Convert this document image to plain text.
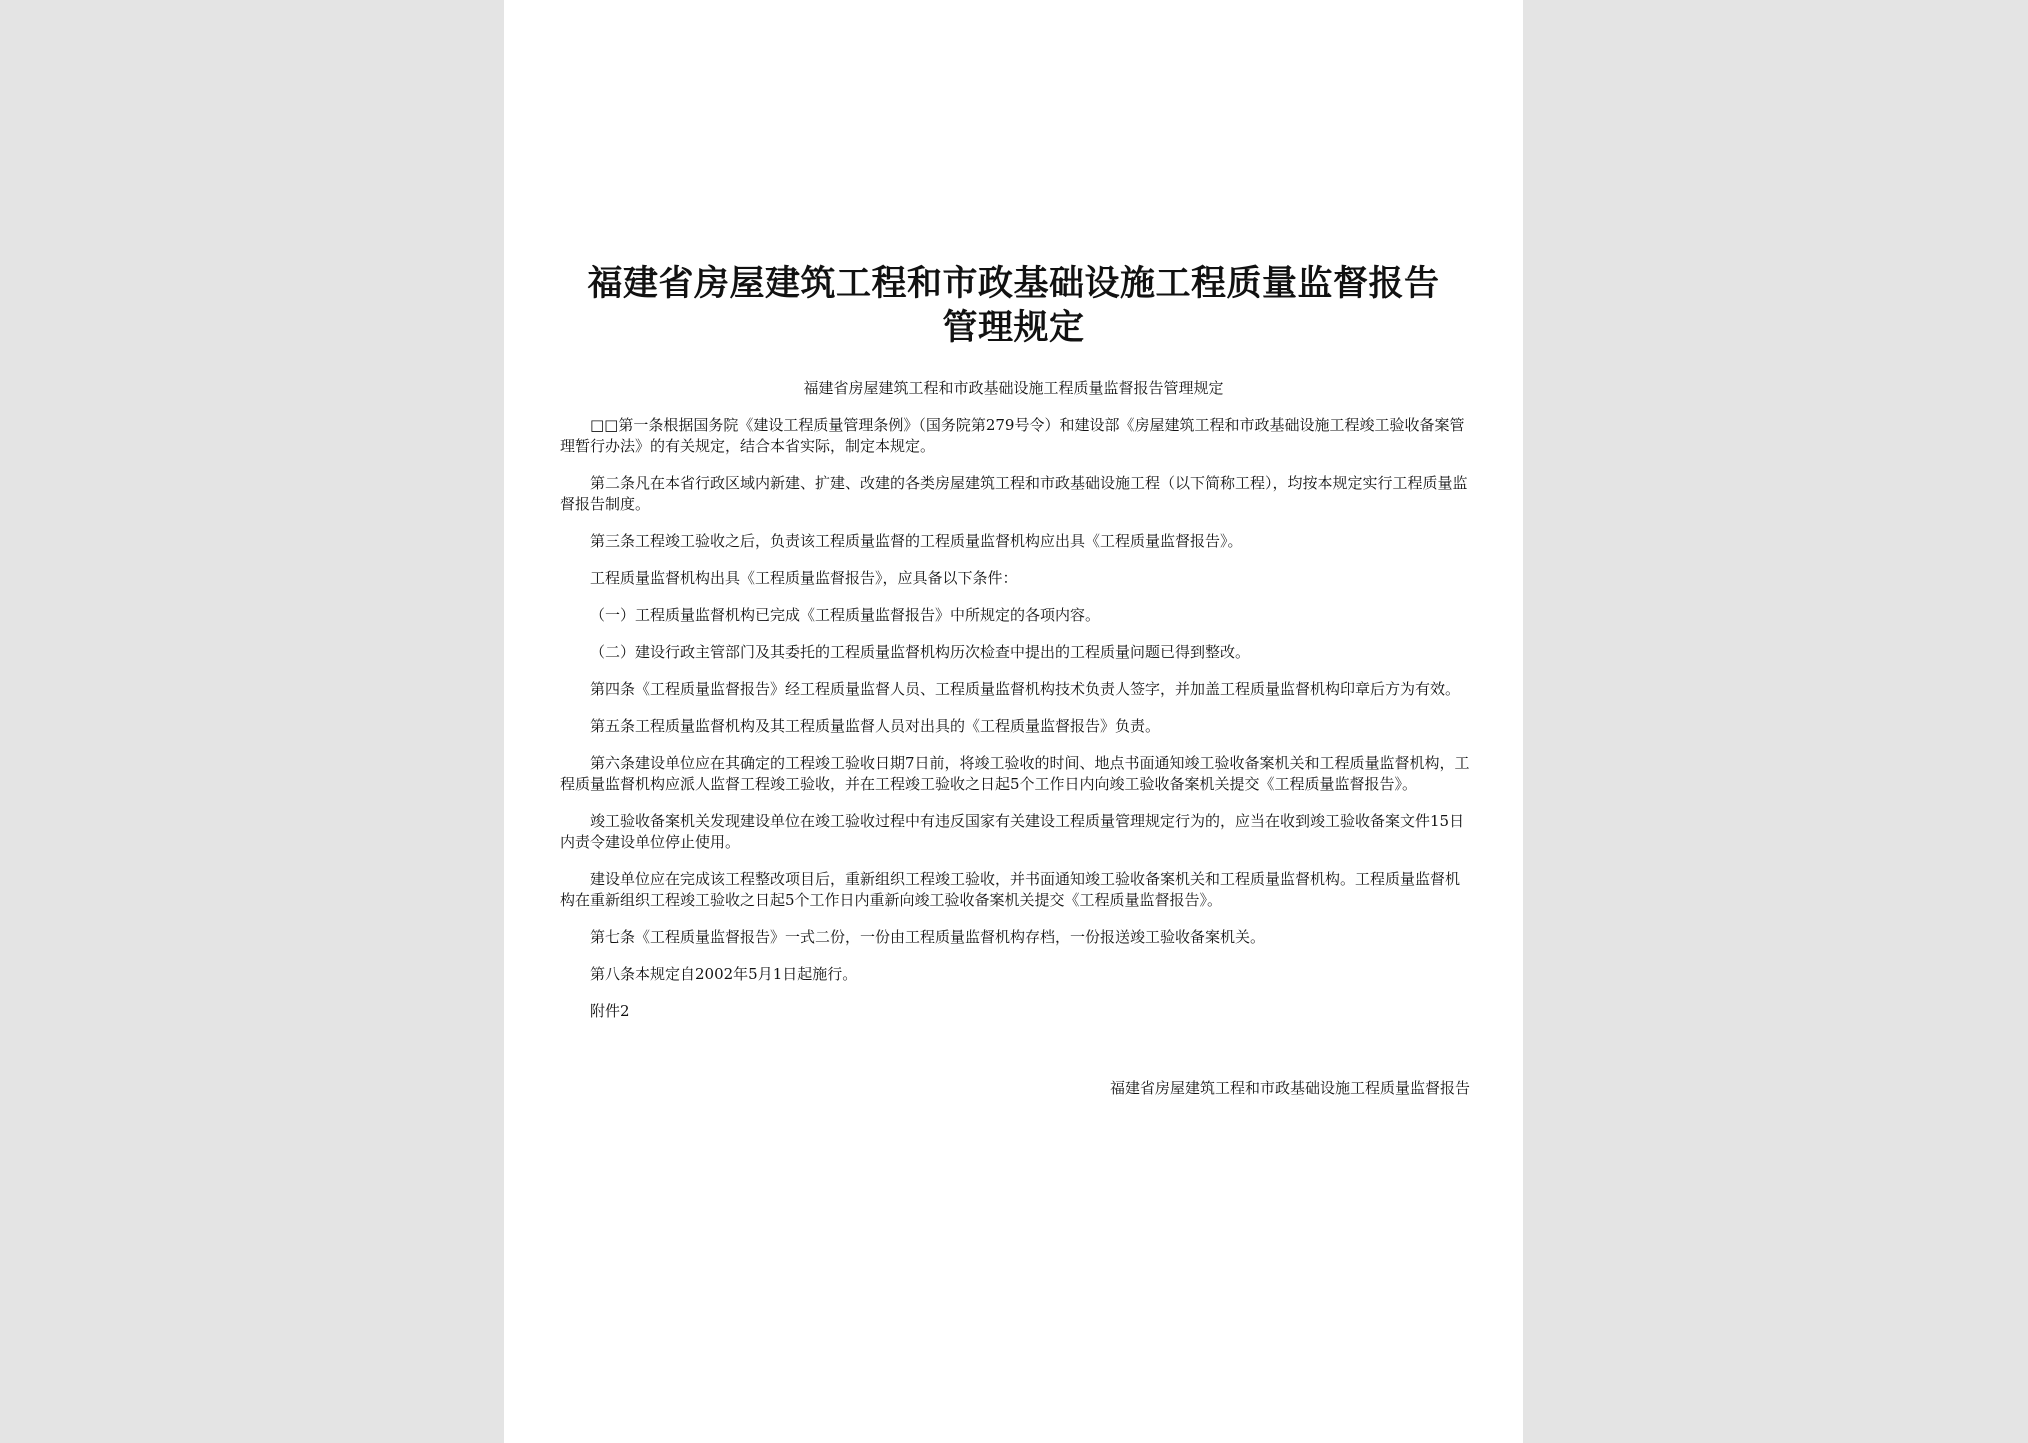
福建省房屋建筑工程和市政基础设施工程质量监督报告
管理规定

福建省房屋建筑工程和市政基础设施工程质量监督报告管理规定

□□第一条根据国务院《建设工程质量管理条例》（国务院第279号令）和建设部《房屋建筑工程和市政基础设施工程竣工验收备案管理暂行办法》的有关规定，结合本省实际，制定本规定。

第二条凡在本省行政区域内新建、扩建、改建的各类房屋建筑工程和市政基础设施工程（以下简称工程），均按本规定实行工程质量监督报告制度。

第三条工程竣工验收之后，负责该工程质量监督的工程质量监督机构应出具《工程质量监督报告》。

工程质量监督机构出具《工程质量监督报告》，应具备以下条件：

（一）工程质量监督机构已完成《工程质量监督报告》中所规定的各项内容。

（二）建设行政主管部门及其委托的工程质量监督机构历次检查中提出的工程质量问题已得到整改。

第四条《工程质量监督报告》经工程质量监督人员、工程质量监督机构技术负责人签字，并加盖工程质量监督机构印章后方为有效。

第五条工程质量监督机构及其工程质量监督人员对出具的《工程质量监督报告》负责。

第六条建设单位应在其确定的工程竣工验收日期7日前，将竣工验收的时间、地点书面通知竣工验收备案机关和工程质量监督机构，工程质量监督机构应派人监督工程竣工验收，并在工程竣工验收之日起5个工作日内向竣工验收备案机关提交《工程质量监督报告》。

竣工验收备案机关发现建设单位在竣工验收过程中有违反国家有关建设工程质量管理规定行为的，应当在收到竣工验收备案文件15日内责令建设单位停止使用。

建设单位应在完成该工程整改项目后，重新组织工程竣工验收，并书面通知竣工验收备案机关和工程质量监督机构。工程质量监督机构在重新组织工程竣工验收之日起5个工作日内重新向竣工验收备案机关提交《工程质量监督报告》。

第七条《工程质量监督报告》一式二份，一份由工程质量监督机构存档，一份报送竣工验收备案机关。

第八条本规定自2002年5月1日起施行。

附件2

福建省房屋建筑工程和市政基础设施工程质量监督报告
